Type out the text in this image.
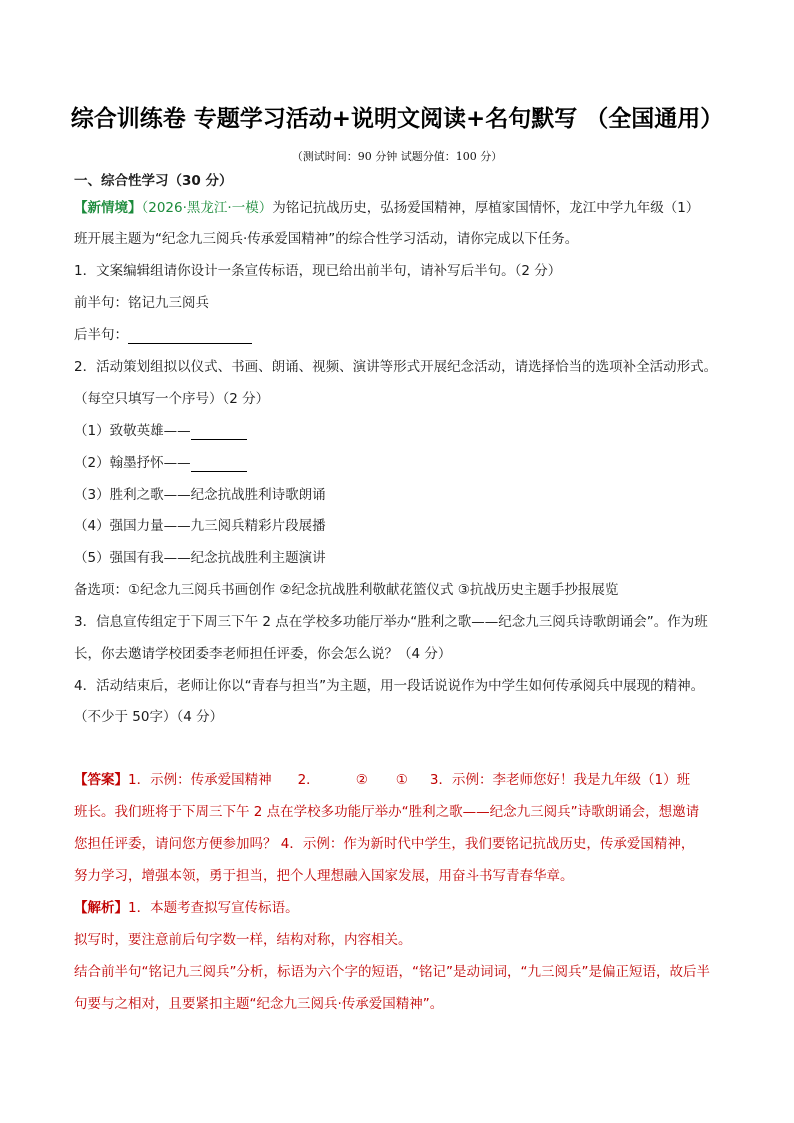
综合训练卷 专题学习活动+说明文阅读+名句默写 （全国通用）
（测试时间：90 分钟 试题分值：100 分）
一、综合性学习（30 分）
【新情境】（2026·黑龙江·一模）为铭记抗战历史，弘扬爱国精神，厚植家国情怀，龙江中学九年级（1）
班开展主题为“纪念九三阅兵·传承爱国精神”的综合性学习活动，请你完成以下任务。
1．文案编辑组请你设计一条宣传标语，现已给出前半句，请补写后半句。（2 分）
前半句：铭记九三阅兵
后半句：
2．活动策划组拟以仪式、书画、朗诵、视频、演讲等形式开展纪念活动，请选择恰当的选项补全活动形式。
（每空只填写一个序号）（2 分）
（1）致敬英雄——
（2）翰墨抒怀——
（3）胜利之歌——纪念抗战胜利诗歌朗诵
（4）强国力量——九三阅兵精彩片段展播
（5）强国有我——纪念抗战胜利主题演讲
备选项：①纪念九三阅兵书画创作 ②纪念抗战胜利敬献花篮仪式 ③抗战历史主题手抄报展览
3．信息宣传组定于下周三下午 2 点在学校多功能厅举办“胜利之歌——纪念九三阅兵诗歌朗诵会”。作为班
长，你去邀请学校团委李老师担任评委，你会怎么说？（4 分）
4．活动结束后，老师让你以“青春与担当”为主题，用一段话说说作为中学生如何传承阅兵中展现的精神。
（不少于 50字）（4 分）
【答案】1．示例：传承爱国精神 2．	② ① 3．示例：李老师您好！我是九年级（1）班
班长。我们班将于下周三下午 2 点在学校多功能厅举办“胜利之歌——纪念九三阅兵”诗歌朗诵会，想邀请
您担任评委，请问您方便参加吗？ 4．示例：作为新时代中学生，我们要铭记抗战历史，传承爱国精神，
努力学习，增强本领，勇于担当，把个人理想融入国家发展，用奋斗书写青春华章。
【解析】1．本题考查拟写宣传标语。
拟写时，要注意前后句字数一样，结构对称，内容相关。
结合前半句“铭记九三阅兵”分析，标语为六个字的短语，“铭记”是动词词，“九三阅兵”是偏正短语，故后半
句要与之相对，且要紧扣主题“纪念九三阅兵·传承爱国精神”。
